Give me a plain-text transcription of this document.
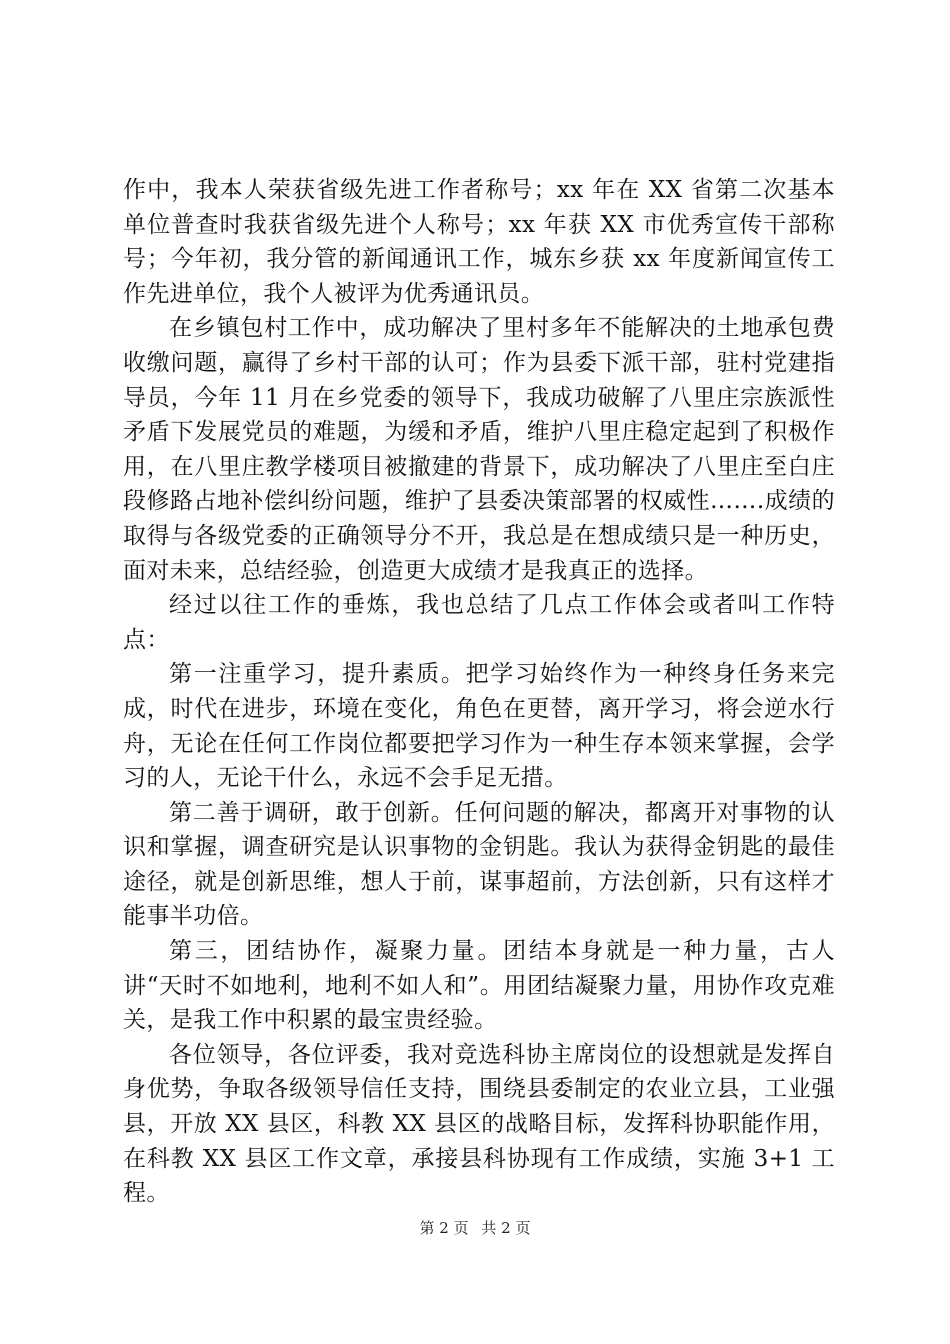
作中，我本人荣获省级先进工作者称号；xx 年在 XX 省第二次基本单位普查时我获省级先进个人称号；xx 年获 XX 市优秀宣传干部称号；今年初，我分管的新闻通讯工作，城东乡获 xx 年度新闻宣传工作先进单位，我个人被评为优秀通讯员。

在乡镇包村工作中，成功解决了里村多年不能解决的土地承包费收缴问题，赢得了乡村干部的认可；作为县委下派干部，驻村党建指导员，今年 11 月在乡党委的领导下，我成功破解了八里庄宗族派性矛盾下发展党员的难题，为缓和矛盾，维护八里庄稳定起到了积极作用，在八里庄教学楼项目被撤建的背景下，成功解决了八里庄至白庄段修路占地补偿纠纷问题，维护了县委决策部署的权威性…….成绩的取得与各级党委的正确领导分不开，我总是在想成绩只是一种历史，面对未来，总结经验，创造更大成绩才是我真正的选择。

经过以往工作的垂炼，我也总结了几点工作体会或者叫工作特点：

第一注重学习，提升素质。把学习始终作为一种终身任务来完成，时代在进步，环境在变化，角色在更替，离开学习，将会逆水行舟，无论在任何工作岗位都要把学习作为一种生存本领来掌握，会学习的人，无论干什么，永远不会手足无措。

第二善于调研，敢于创新。任何问题的解决，都离开对事物的认识和掌握，调查研究是认识事物的金钥匙。我认为获得金钥匙的最佳途径，就是创新思维，想人于前，谋事超前，方法创新，只有这样才能事半功倍。

第三，团结协作，凝聚力量。团结本身就是一种力量，古人讲“天时不如地利，地利不如人和”。用团结凝聚力量，用协作攻克难关，是我工作中积累的最宝贵经验。

各位领导，各位评委，我对竞选科协主席岗位的设想就是发挥自身优势，争取各级领导信任支持，围绕县委制定的农业立县，工业强县，开放 XX 县区，科教 XX 县区的战略目标，发挥科协职能作用，在科教 XX 县区工作文章，承接县科协现有工作成绩，实施 3+1 工程。

第 2 页 共 2 页
